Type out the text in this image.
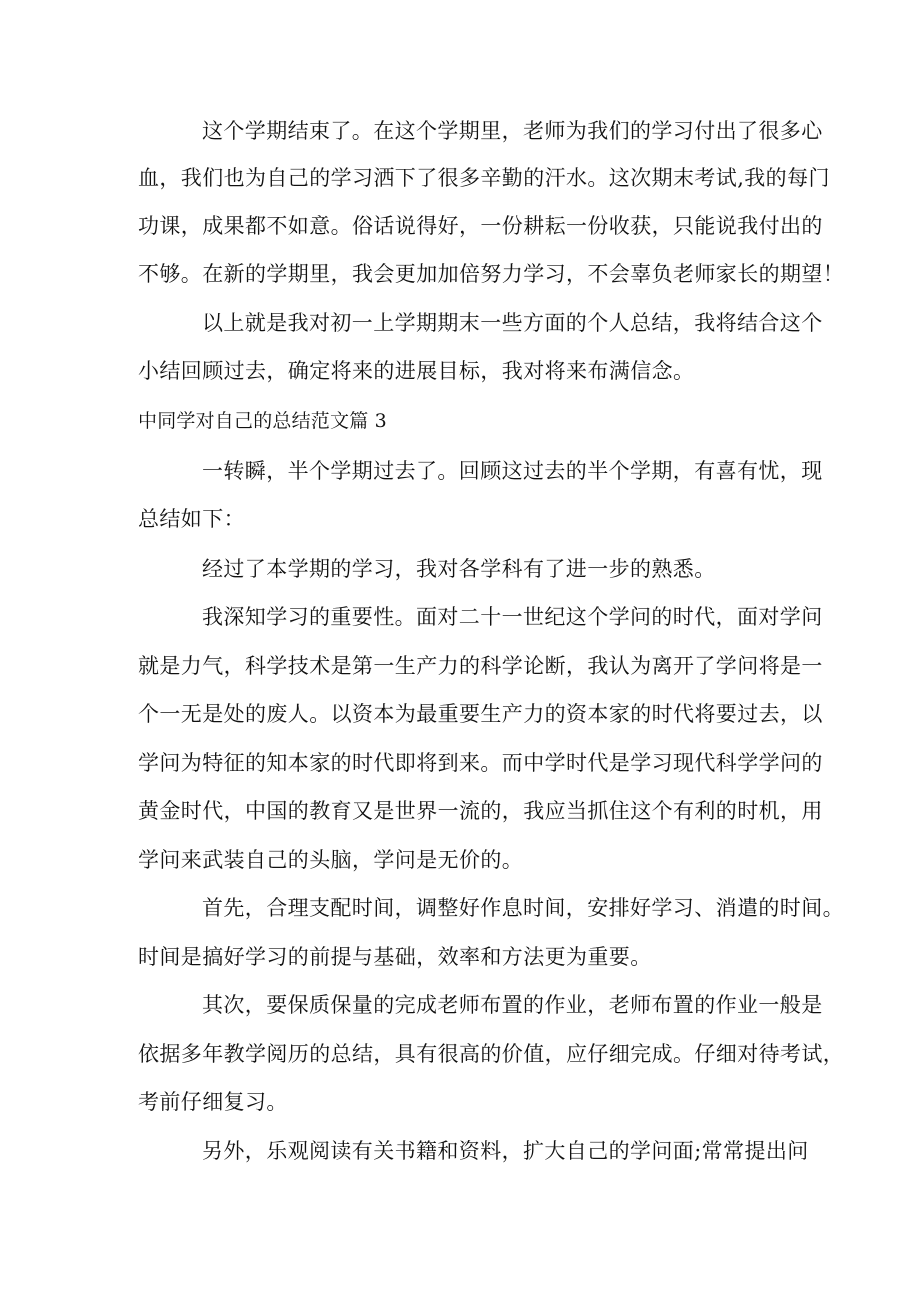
这个学期结束了。在这个学期里，老师为我们的学习付出了很多心
血，我们也为自己的学习洒下了很多辛勤的汗水。这次期末考试,我的每门
功课，成果都不如意。俗话说得好，一份耕耘一份收获，只能说我付出的
不够。在新的学期里，我会更加加倍努力学习，不会辜负老师家长的期望！
以上就是我对初一上学期期末一些方面的个人总结，我将结合这个
小结回顾过去，确定将来的进展目标，我对将来布满信念。
中同学对自己的总结范文篇 3
一转瞬，半个学期过去了。回顾这过去的半个学期，有喜有忧，现
总结如下：
经过了本学期的学习，我对各学科有了进一步的熟悉。
我深知学习的重要性。面对二十一世纪这个学问的时代，面对学问
就是力气，科学技术是第一生产力的科学论断，我认为离开了学问将是一
个一无是处的废人。以资本为最重要生产力的资本家的时代将要过去，以
学问为特征的知本家的时代即将到来。而中学时代是学习现代科学学问的
黄金时代，中国的教育又是世界一流的，我应当抓住这个有利的时机，用
学问来武装自己的头脑，学问是无价的。
首先，合理支配时间，调整好作息时间，安排好学习、消遣的时间。
时间是搞好学习的前提与基础，效率和方法更为重要。
其次，要保质保量的完成老师布置的作业，老师布置的作业一般是
依据多年教学阅历的总结，具有很高的价值，应仔细完成。仔细对待考试，
考前仔细复习。
另外，乐观阅读有关书籍和资料，扩大自己的学问面;常常提出问
